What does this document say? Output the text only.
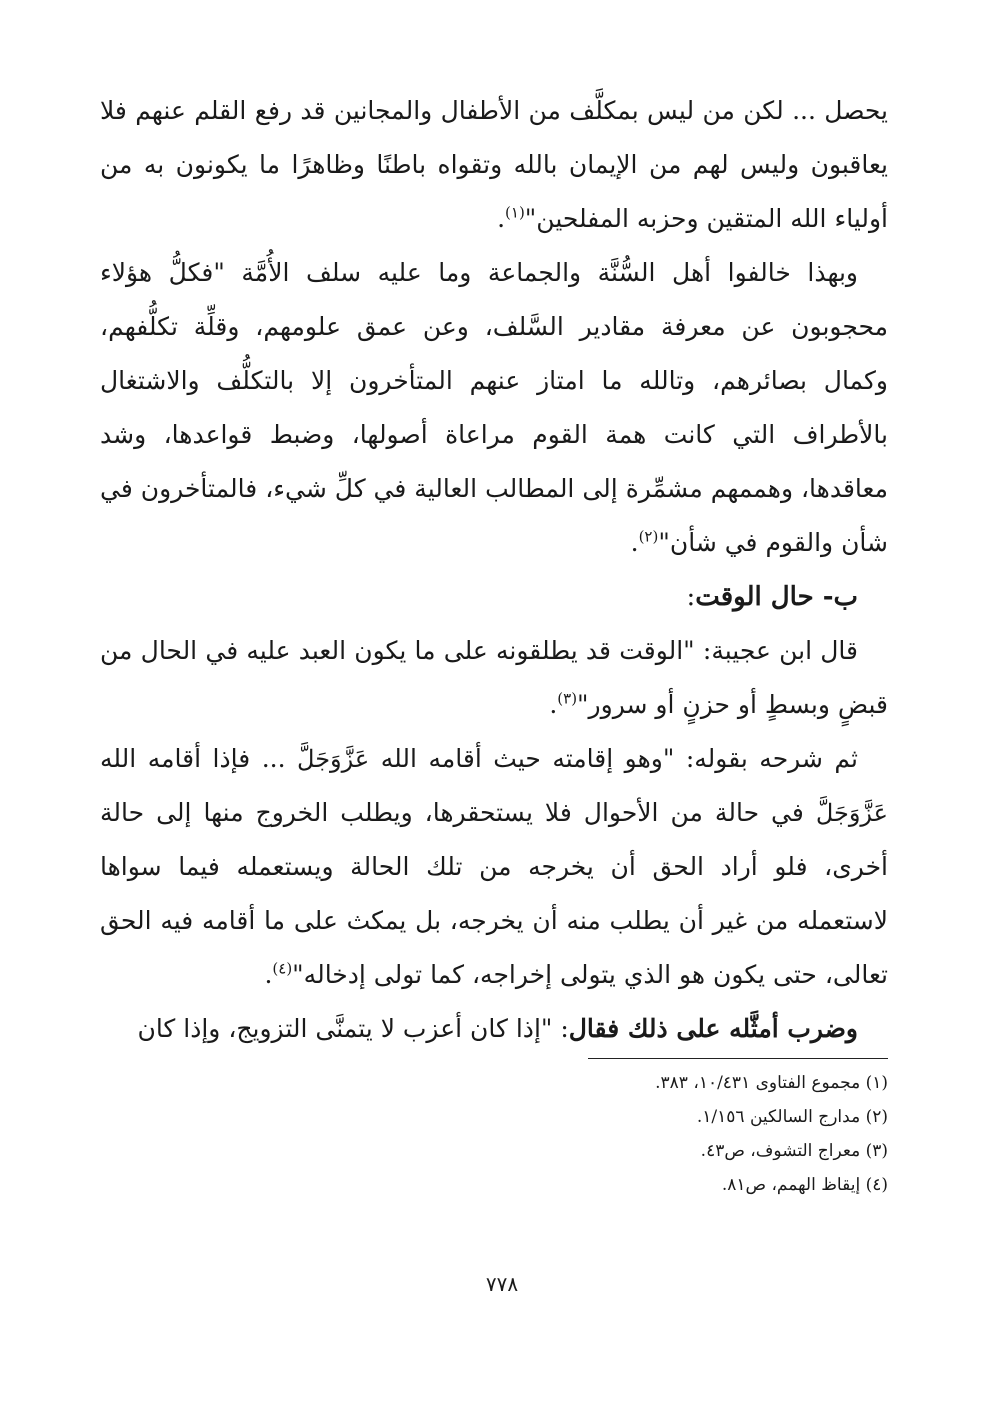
يحصل ... لكن من ليس بمكلَّف من الأطفال والمجانين قد رفع القلم عنهم فلا يعاقبون وليس لهم من الإيمان بالله وتقواه باطنًا وظاهرًا ما يكونون به من أولياء الله المتقين وحزبه المفلحين"$^{(١)}$.

وبهذا خالفوا أهل السُّنَّة والجماعة وما عليه سلف الأُمَّة "فكلُّ هؤلاء محجوبون عن معرفة مقادير السَّلف، وعن عمق علومهم، وقلِّة تكلُّفهم، وكمال بصائرهم، وتالله ما امتاز عنهم المتأخرون إلا بالتكلُّف والاشتغال بالأطراف التي كانت همة القوم مراعاة أصولها، وضبط قواعدها، وشد معاقدها، وهممهم مشمِّرة إلى المطالب العالية في كلِّ شيء، فالمتأخرون في شأن والقوم في شأن"$^{(٢)}$.

ب- حال الوقت:

قال ابن عجيبة: "الوقت قد يطلقونه على ما يكون العبد عليه في الحال من قبضٍ وبسطٍ أو حزنٍ أو سرور"$^{(٣)}$.

ثم شرحه بقوله: "وهو إقامته حيث أقامه الله عَزَّوَجَلَّ ... فإذا أقامه الله عَزَّوَجَلَّ في حالة من الأحوال فلا يستحقرها، ويطلب الخروج منها إلى حالة أخرى، فلو أراد الحق أن يخرجه من تلك الحالة ويستعمله فيما سواها لاستعمله من غير أن يطلب منه أن يخرجه، بل يمكث على ما أقامه فيه الحق تعالى، حتى يكون هو الذي يتولى إخراجه، كما تولى إدخاله"$^{(٤)}$.

وضرب أمثَّله على ذلك فقال: "إذا كان أعزب لا يتمنَّى التزويج، وإذا كان

(١) مجموع الفتاوى ١٠/٤٣١، ٣٨٣.

(٢) مدارج السالكين ١/١٥٦.

(٣) معراج التشوف، ص٤٣.

(٤) إيقاظ الهمم، ص٨١.

٧٧٨
